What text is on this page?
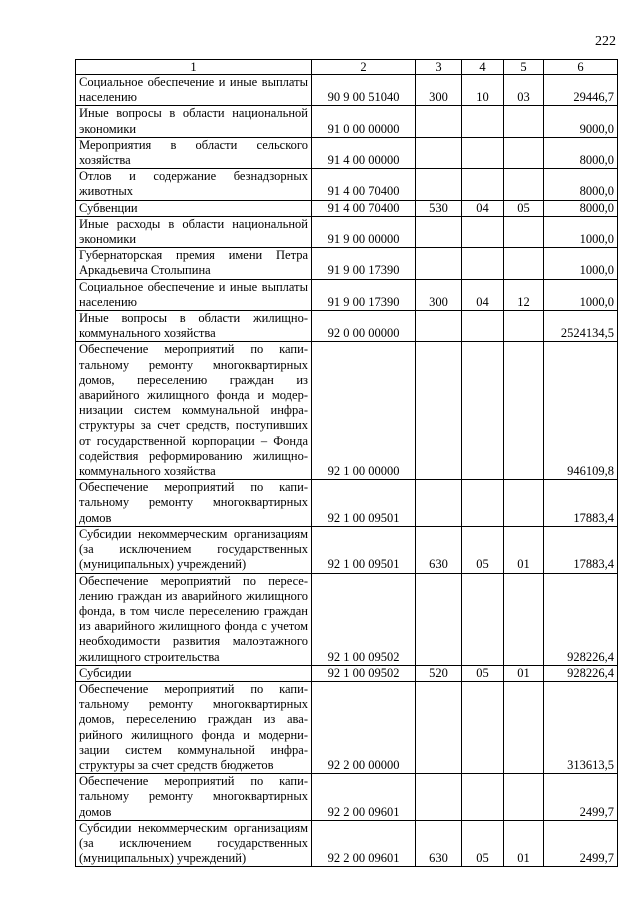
222
1	2	3	4	5	6
Социальное обеспечение и иные выплаты населению	90 9 00 51040	300	10	03	29446,7
Иные вопросы в области национальной экономики	91 0 00 00000				9000,0
Мероприятия в области сельского хозяйства	91 4 00 00000				8000,0
Отлов и содержание безнадзорных животных	91 4 00 70400				8000,0
Субвенции	91 4 00 70400	530	04	05	8000,0
Иные расходы в области национальной экономики	91 9 00 00000				1000,0
Губернаторская премия имени Петра Аркадьевича Столыпина	91 9 00 17390				1000,0
Социальное обеспечение и иные выплаты населению	91 9 00 17390	300	04	12	1000,0
Иные вопросы в области жилищно-коммунального хозяйства	92 0 00 00000				2524134,5
Обеспечение мероприятий по капитальному ремонту многоквартирных домов, переселению граждан из аварийного жилищного фонда и модернизации систем коммунальной инфраструктуры за счет средств, поступивших от государственной корпорации – Фонда содействия реформированию жилищно-коммунального хозяйства	92 1 00 00000				946109,8
Обеспечение мероприятий по капитальному ремонту многоквартирных домов	92 1 00 09501				17883,4
Субсидии некоммерческим организациям (за исключением государственных (муниципальных) учреждений)	92 1 00 09501	630	05	01	17883,4
Обеспечение мероприятий по переселению граждан из аварийного жилищного фонда, в том числе переселению граждан из аварийного жилищного фонда с учетом необходимости развития малоэтажного жилищного строительства	92 1 00 09502				928226,4
Субсидии	92 1 00 09502	520	05	01	928226,4
Обеспечение мероприятий по капитальному ремонту многоквартирных домов, переселению граждан из аварийного жилищного фонда и модернизации систем коммунальной инфраструктуры за счет средств бюджетов	92 2 00 00000				313613,5
Обеспечение мероприятий по капитальному ремонту многоквартирных домов	92 2 00 09601				2499,7
Субсидии некоммерческим организациям (за исключением государственных (муниципальных) учреждений)	92 2 00 09601	630	05	01	2499,7
